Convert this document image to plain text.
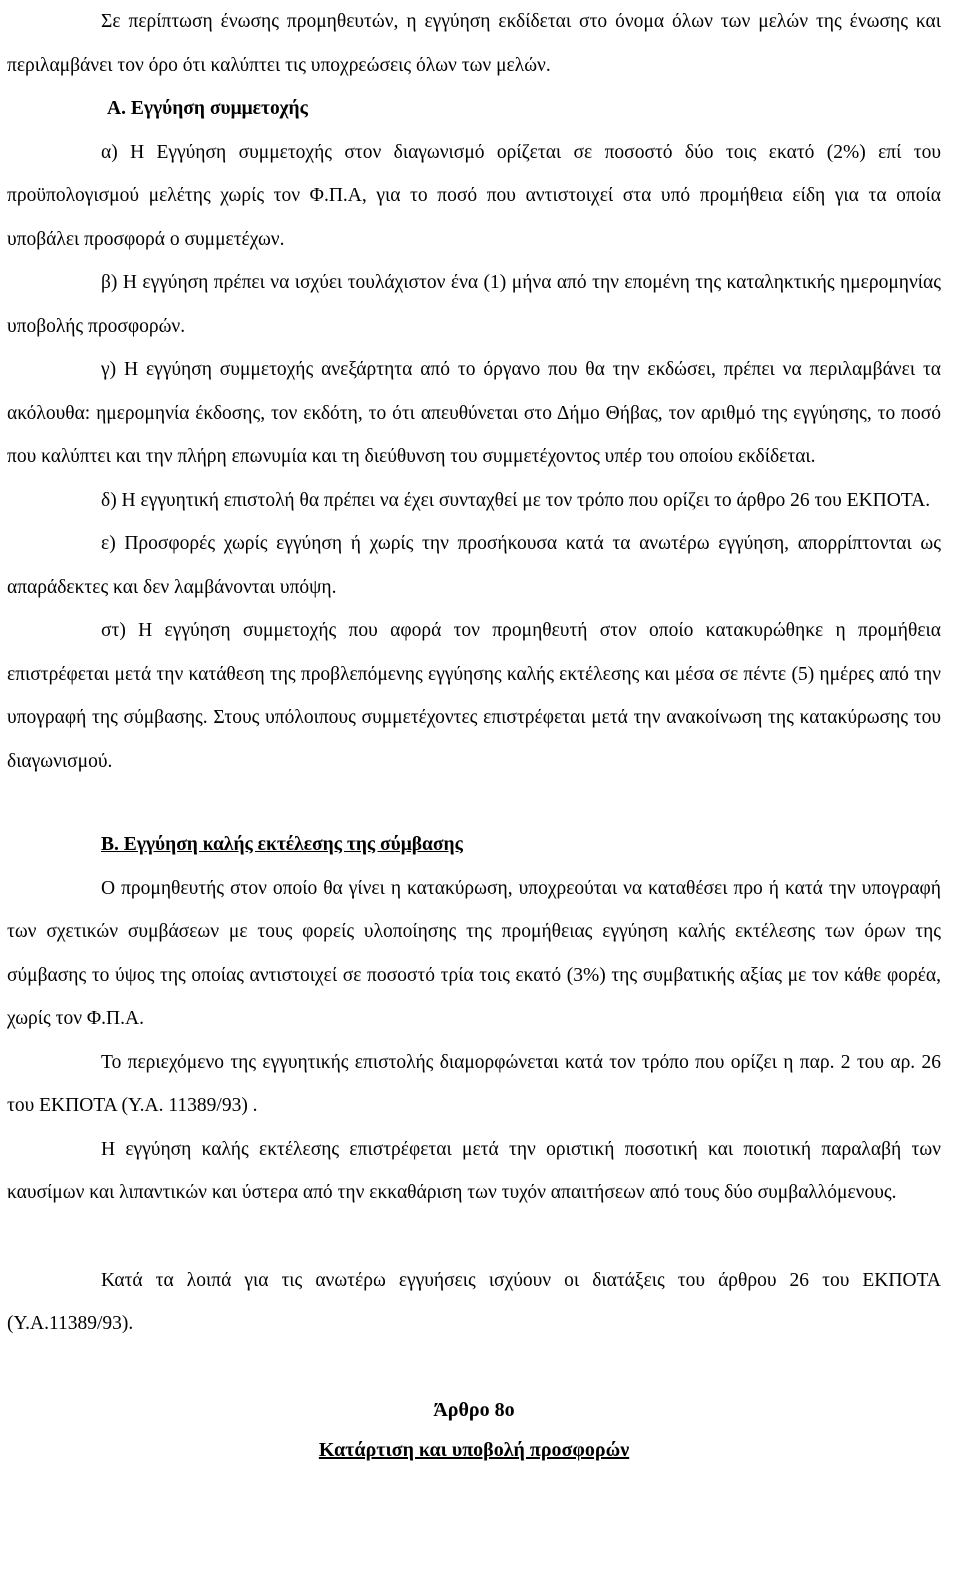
Σε περίπτωση ένωσης προμηθευτών, η εγγύηση εκδίδεται στο όνομα όλων των μελών της ένωσης και περιλαμβάνει τον όρο ότι καλύπτει τις υποχρεώσεις όλων των μελών.

Α. Εγγύηση συμμετοχής

α) Η Εγγύηση συμμετοχής στον διαγωνισμό ορίζεται σε ποσοστό δύο τοις εκατό (2%) επί του προϋπολογισμού μελέτης χωρίς τον Φ.Π.Α, για το ποσό που αντιστοιχεί στα υπό προμήθεια είδη για τα οποία υποβάλει προσφορά ο συμμετέχων.

β) Η εγγύηση πρέπει να ισχύει τουλάχιστον ένα (1) μήνα από την επομένη της καταληκτικής ημερομηνίας υποβολής προσφορών.

γ) Η εγγύηση συμμετοχής ανεξάρτητα από το όργανο που θα την εκδώσει, πρέπει να περιλαμβάνει τα ακόλουθα: ημερομηνία έκδοσης, τον εκδότη, το ότι απευθύνεται στο Δήμο Θήβας, τον αριθμό της εγγύησης, το ποσό που καλύπτει και την πλήρη επωνυμία και τη διεύθυνση του συμμετέχοντος υπέρ του οποίου εκδίδεται.

δ) Η εγγυητική επιστολή θα πρέπει να έχει συνταχθεί με τον τρόπο που ορίζει το άρθρο 26 του ΕΚΠΟΤΑ.

ε) Προσφορές χωρίς εγγύηση ή χωρίς την προσήκουσα κατά τα ανωτέρω εγγύηση, απορρίπτονται ως απαράδεκτες και δεν λαμβάνονται υπόψη.

στ) Η εγγύηση συμμετοχής που αφορά τον προμηθευτή στον οποίο κατακυρώθηκε η προμήθεια επιστρέφεται μετά την κατάθεση της προβλεπόμενης εγγύησης καλής εκτέλεσης και μέσα σε πέντε (5) ημέρες από την υπογραφή της σύμβασης. Στους υπόλοιπους συμμετέχοντες επιστρέφεται μετά την ανακοίνωση της κατακύρωσης του διαγωνισμού.

Β. Εγγύηση καλής εκτέλεσης της σύμβασης

Ο προμηθευτής στον οποίο θα γίνει η κατακύρωση, υποχρεούται να καταθέσει προ ή κατά την υπογραφή των σχετικών συμβάσεων με τους φορείς υλοποίησης της προμήθειας εγγύηση καλής εκτέλεσης των όρων της σύμβασης το ύψος της οποίας αντιστοιχεί σε ποσοστό τρία τοις εκατό (3%) της συμβατικής αξίας με τον κάθε φορέα, χωρίς τον Φ.Π.Α.

Το περιεχόμενο της εγγυητικής επιστολής διαμορφώνεται κατά τον τρόπο που ορίζει η παρ. 2 του αρ. 26 του ΕΚΠΟΤΑ (Υ.Α. 11389/93) .

Η εγγύηση καλής εκτέλεσης επιστρέφεται μετά την οριστική ποσοτική και ποιοτική παραλαβή των καυσίμων και λιπαντικών και ύστερα από την εκκαθάριση των τυχόν απαιτήσεων από τους δύο συμβαλλόμενους.

Κατά τα λοιπά για τις ανωτέρω εγγυήσεις ισχύουν οι διατάξεις του άρθρου 26 του ΕΚΠΟΤΑ (Υ.Α.11389/93).

Άρθρο 8ο

Κατάρτιση και υποβολή προσφορών
